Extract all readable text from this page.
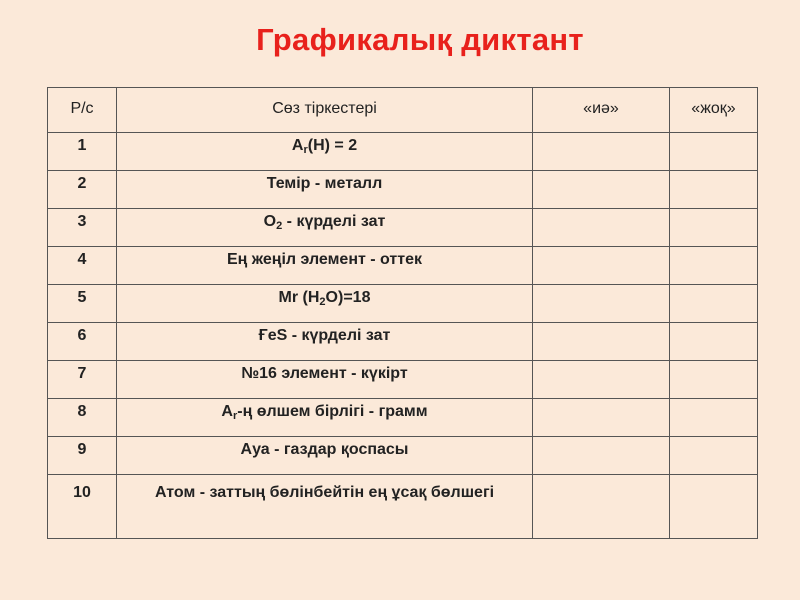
Графикалық диктант
Р/с	Сөз тіркестері	«иә»	«жоқ»
1	$A_r(H) = 2$		
2	Темір - металл		
3	$O_2$ - күрделі зат		
4	Ең жеңіл элемент - оттек		
5	Mr $(H_2O)=18$		
6	ҒеS - күрделі зат		
7	№16 элемент - күкірт		
8	$A_r-ң$ өлшем бірлігі - грамм		
9	Ауа - газдар қоспасы		
10	Атом - заттың бөлінбейтін ең ұсақ бөлшегі		
